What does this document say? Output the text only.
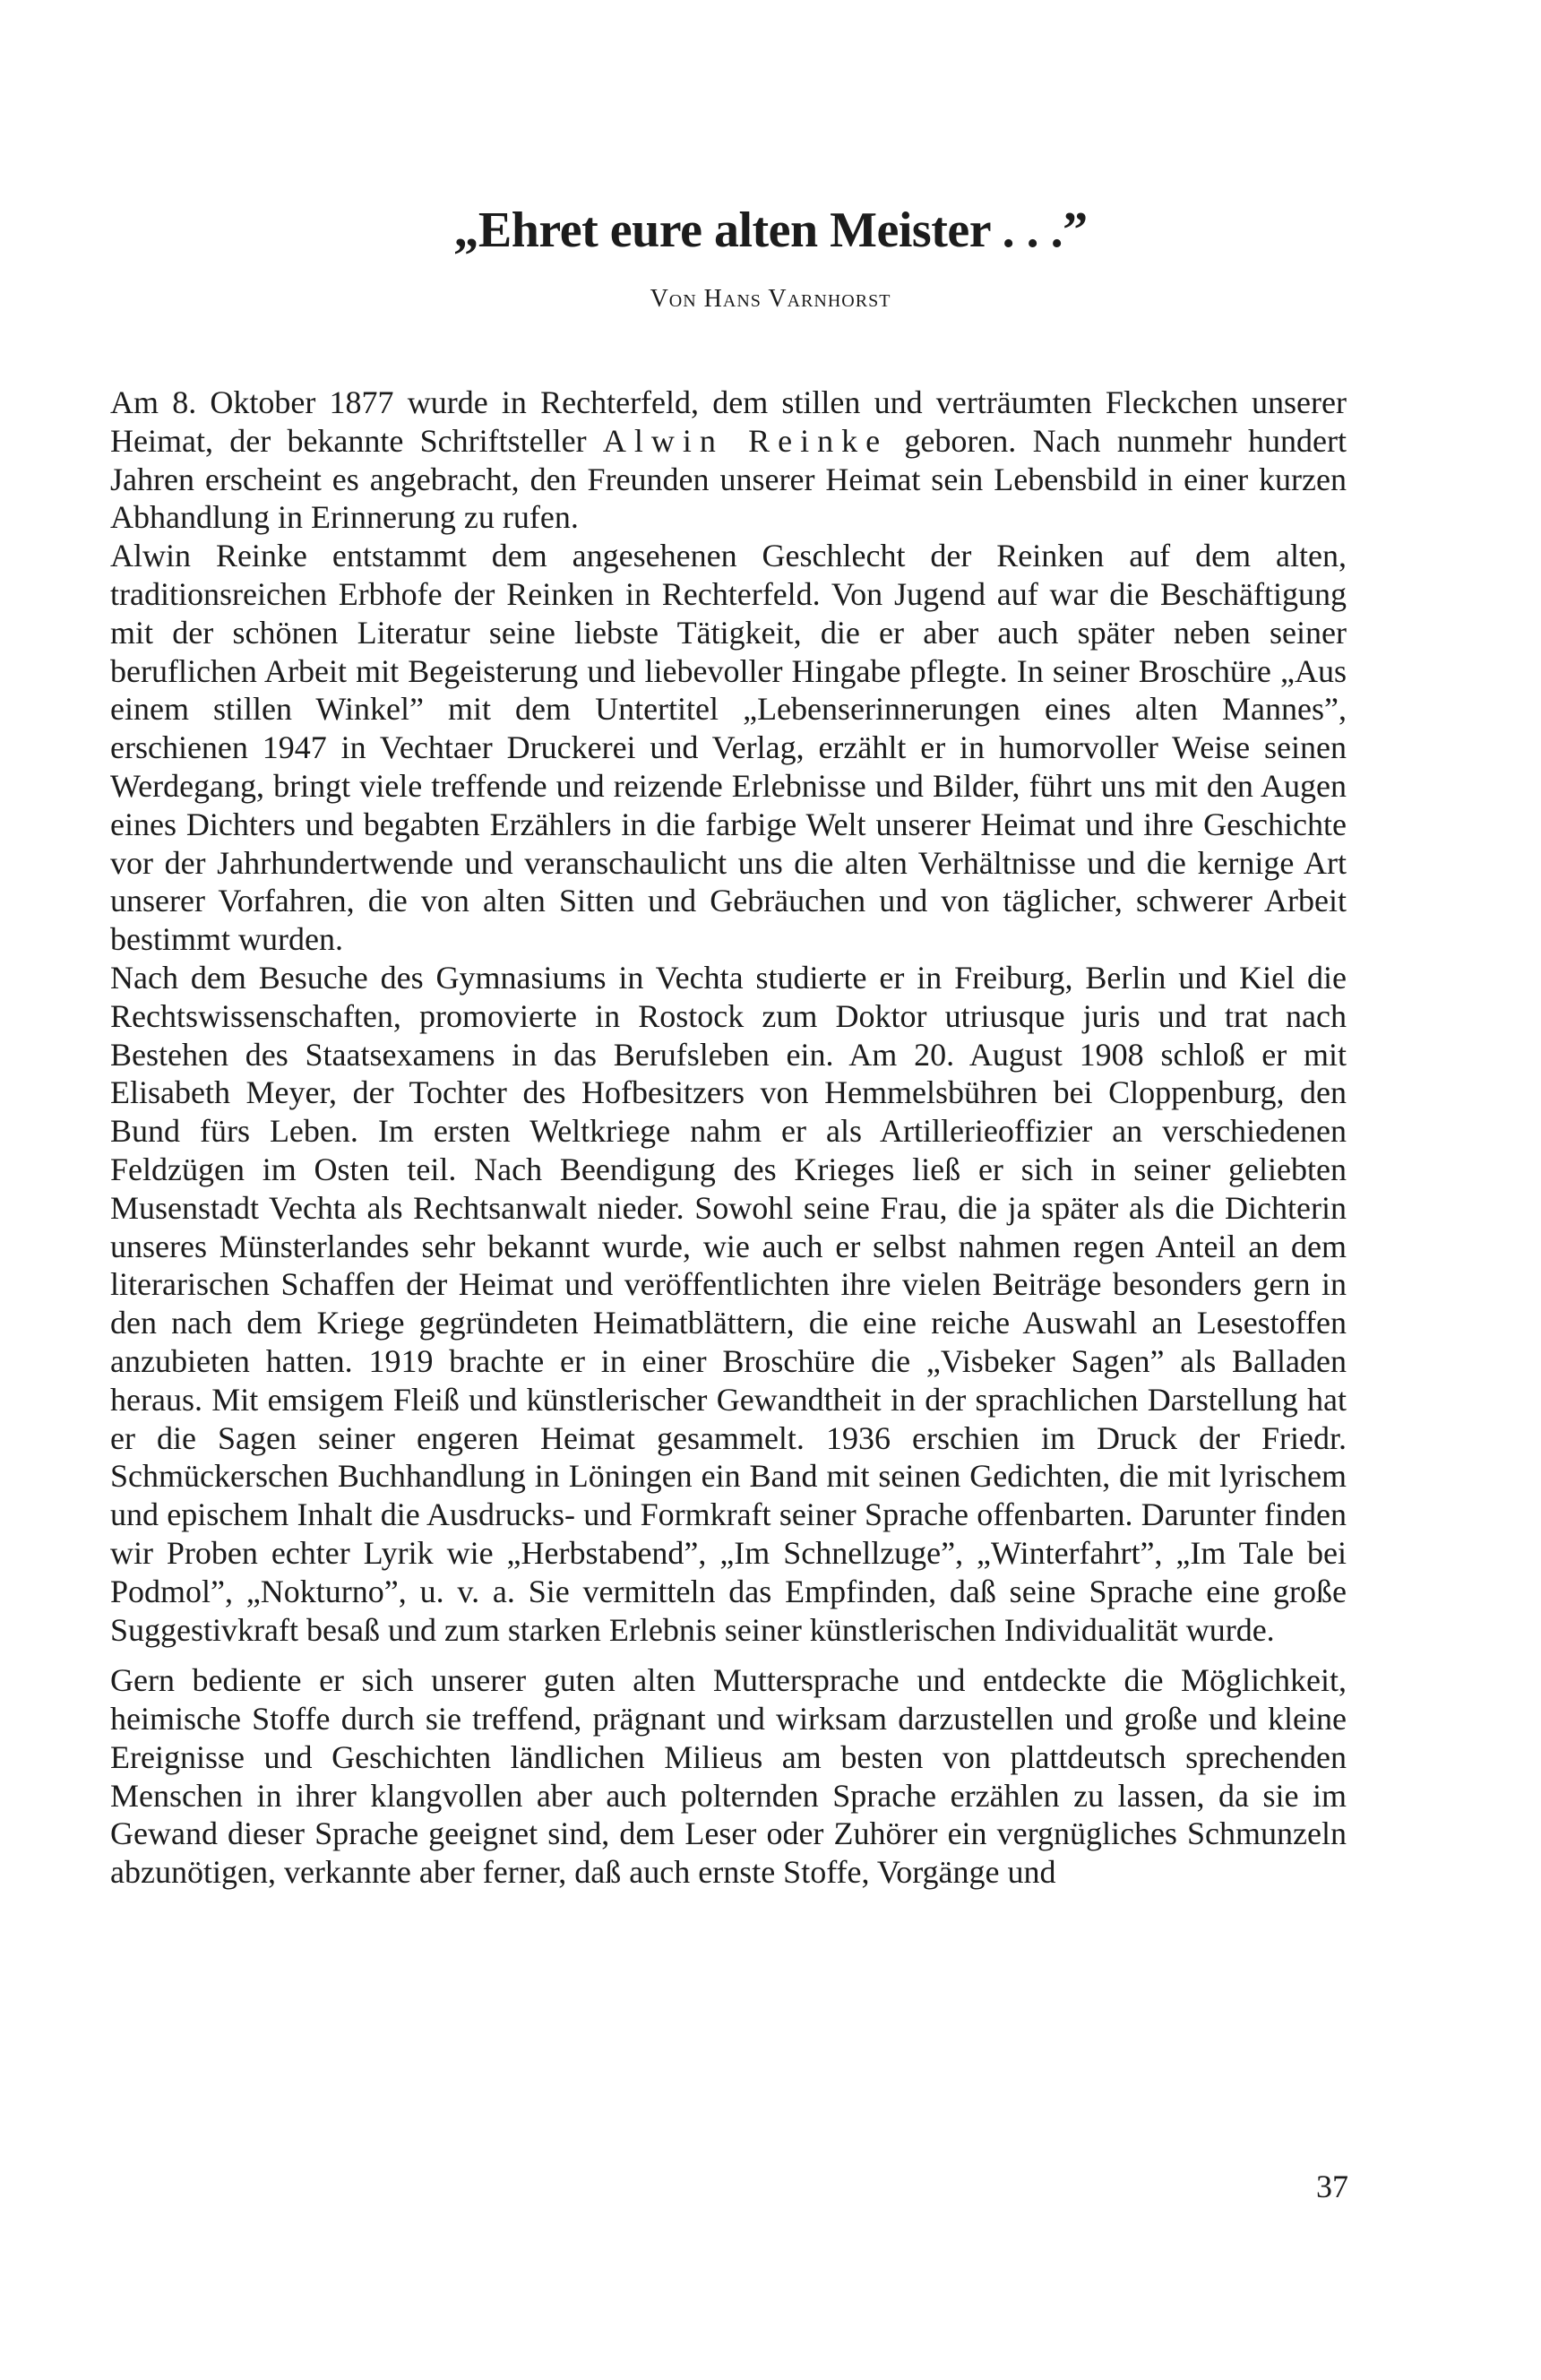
„Ehret eure alten Meister . . .”
Von Hans Varnhorst

Am 8. Oktober 1877 wurde in Rechterfeld, dem stillen und verträumten Fleckchen unserer Heimat, der bekannte Schriftsteller Alwin Reinke geboren. Nach nunmehr hundert Jahren erscheint es angebracht, den Freunden unserer Heimat sein Lebensbild in einer kurzen Abhandlung in Erinnerung zu rufen.

Alwin Reinke entstammt dem angesehenen Geschlecht der Reinken auf dem alten, traditionsreichen Erbhofe der Reinken in Rechterfeld. Von Jugend auf war die Beschäftigung mit der schönen Literatur seine liebste Tätigkeit, die er aber auch später neben seiner beruflichen Arbeit mit Begeisterung und liebevoller Hingabe pflegte. In seiner Broschüre „Aus einem stillen Winkel” mit dem Untertitel „Lebenserinnerungen eines alten Mannes”, erschienen 1947 in Vechtaer Druckerei und Verlag, erzählt er in humorvoller Weise seinen Werdegang, bringt viele treffende und reizende Erlebnisse und Bilder, führt uns mit den Augen eines Dichters und begabten Erzählers in die farbige Welt unserer Heimat und ihre Geschichte vor der Jahrhundertwende und veranschaulicht uns die alten Verhältnisse und die kernige Art unserer Vorfahren, die von alten Sitten und Gebräuchen und von täglicher, schwerer Arbeit bestimmt wurden.

Nach dem Besuche des Gymnasiums in Vechta studierte er in Freiburg, Berlin und Kiel die Rechtswissenschaften, promovierte in Rostock zum Doktor utriusque juris und trat nach Bestehen des Staatsexamens in das Berufsleben ein. Am 20. August 1908 schloß er mit Elisabeth Meyer, der Tochter des Hofbesitzers von Hemmelsbühren bei Cloppenburg, den Bund fürs Leben. Im ersten Weltkriege nahm er als Artillerieoffizier an verschiedenen Feldzügen im Osten teil. Nach Beendigung des Krieges ließ er sich in seiner geliebten Musenstadt Vechta als Rechtsanwalt nieder. Sowohl seine Frau, die ja später als die Dichterin unseres Münsterlandes sehr bekannt wurde, wie auch er selbst nahmen regen Anteil an dem literarischen Schaffen der Heimat und veröffentlichten ihre vielen Beiträge besonders gern in den nach dem Kriege gegründeten Heimatblättern, die eine reiche Auswahl an Lesestoffen anzubieten hatten. 1919 brachte er in einer Broschüre die „Visbeker Sagen” als Balladen heraus. Mit emsigem Fleiß und künstlerischer Gewandtheit in der sprachlichen Darstellung hat er die Sagen seiner engeren Heimat gesammelt. 1936 erschien im Druck der Friedr. Schmückerschen Buchhandlung in Löningen ein Band mit seinen Gedichten, die mit lyrischem und epischem Inhalt die Ausdrucks- und Formkraft seiner Sprache offenbarten. Darunter finden wir Proben echter Lyrik wie „Herbstabend”, „Im Schnellzuge”, „Winterfahrt”, „Im Tale bei Podmol”, „Nokturno”, u. v. a. Sie vermitteln das Empfinden, daß seine Sprache eine große Suggestivkraft besaß und zum starken Erlebnis seiner künstlerischen Individualität wurde.

Gern bediente er sich unserer guten alten Muttersprache und entdeckte die Möglichkeit, heimische Stoffe durch sie treffend, prägnant und wirksam darzustellen und große und kleine Ereignisse und Geschichten ländlichen Milieus am besten von plattdeutsch sprechenden Menschen in ihrer klangvollen aber auch polternden Sprache erzählen zu lassen, da sie im Gewand dieser Sprache geeignet sind, dem Leser oder Zuhörer ein vergnügliches Schmunzeln abzunötigen, verkannte aber ferner, daß auch ernste Stoffe, Vorgänge und

37
